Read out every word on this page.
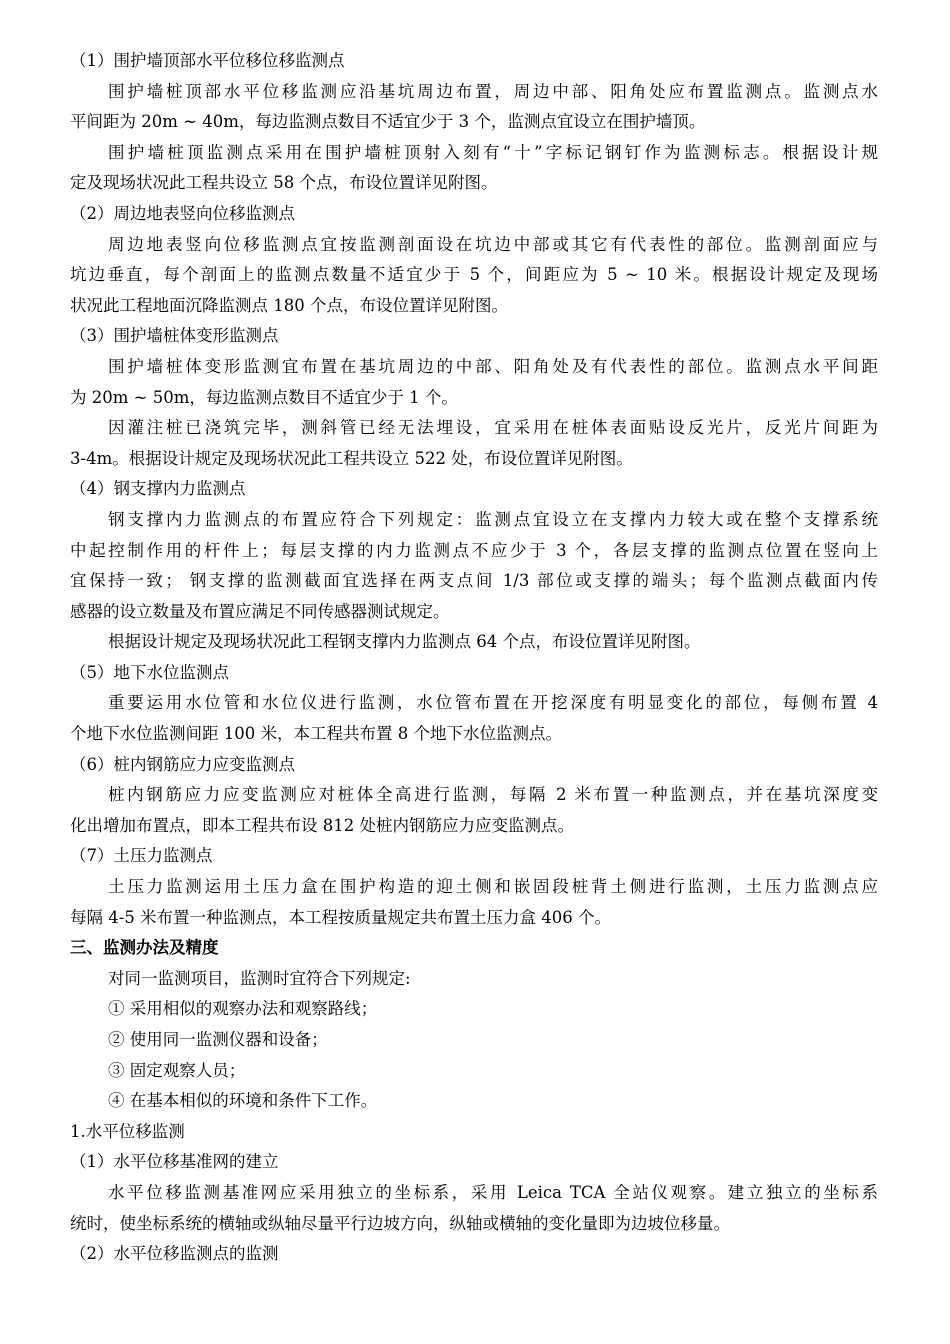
（1）围护墙顶部水平位移位移监测点
围护墙桩顶部水平位移监测应沿基坑周边布置，周边中部、阳角处应布置监测点。监测点水
平间距为 20m ~ 40m，每边监测点数目不适宜少于 3 个，监测点宜设立在围护墙顶。
围护墙桩顶监测点采用在围护墙桩顶射入刻有“十”字标记钢钉作为监测标志。根据设计规
定及现场状况此工程共设立 58 个点，布设位置详见附图。
（2）周边地表竖向位移监测点
周边地表竖向位移监测点宜按监测剖面设在坑边中部或其它有代表性的部位。监测剖面应与
坑边垂直，每个剖面上的监测点数量不适宜少于 5 个，间距应为 5 ~ 10 米。根据设计规定及现场
状况此工程地面沉降监测点 180 个点，布设位置详见附图。
（3）围护墙桩体变形监测点
围护墙桩体变形监测宜布置在基坑周边的中部、阳角处及有代表性的部位。监测点水平间距
为 20m ~ 50m，每边监测点数目不适宜少于 1 个。
因灌注桩已浇筑完毕，测斜管已经无法埋设，宜采用在桩体表面贴设反光片，反光片间距为
3-4m。根据设计规定及现场状况此工程共设立 522 处，布设位置详见附图。
（4）钢支撑内力监测点
钢支撑内力监测点的布置应符合下列规定：监测点宜设立在支撑内力较大或在整个支撑系统
中起控制作用的杆件上；每层支撑的内力监测点不应少于 3 个，各层支撑的监测点位置在竖向上
宜保持一致； 钢支撑的监测截面宜选择在两支点间 1/3 部位或支撑的端头；每个监测点截面内传
感器的设立数量及布置应满足不同传感器测试规定。
根据设计规定及现场状况此工程钢支撑内力监测点 64 个点，布设位置详见附图。
（5）地下水位监测点
重要运用水位管和水位仪进行监测，水位管布置在开挖深度有明显变化的部位，每侧布置 4
个地下水位监测间距 100 米，本工程共布置 8 个地下水位监测点。
（6）桩内钢筋应力应变监测点
桩内钢筋应力应变监测应对桩体全高进行监测，每隔 2 米布置一种监测点，并在基坑深度变
化出增加布置点，即本工程共布设 812 处桩内钢筋应力应变监测点。
（7）土压力监测点
土压力监测运用土压力盒在围护构造的迎土侧和嵌固段桩背土侧进行监测，土压力监测点应
每隔 4-5 米布置一种监测点，本工程按质量规定共布置土压力盒 406 个。
三、监测办法及精度
对同一监测项目，监测时宜符合下列规定:
① 采用相似的观察办法和观察路线；
② 使用同一监测仪器和设备；
③ 固定观察人员；
④ 在基本相似的环境和条件下工作。
1.水平位移监测
（1）水平位移基准网的建立
水平位移监测基准网应采用独立的坐标系，采用 Leica TCA 全站仪观察。建立独立的坐标系
统时，使坐标系统的横轴或纵轴尽量平行边坡方向，纵轴或横轴的变化量即为边坡位移量。
（2）水平位移监测点的监测
